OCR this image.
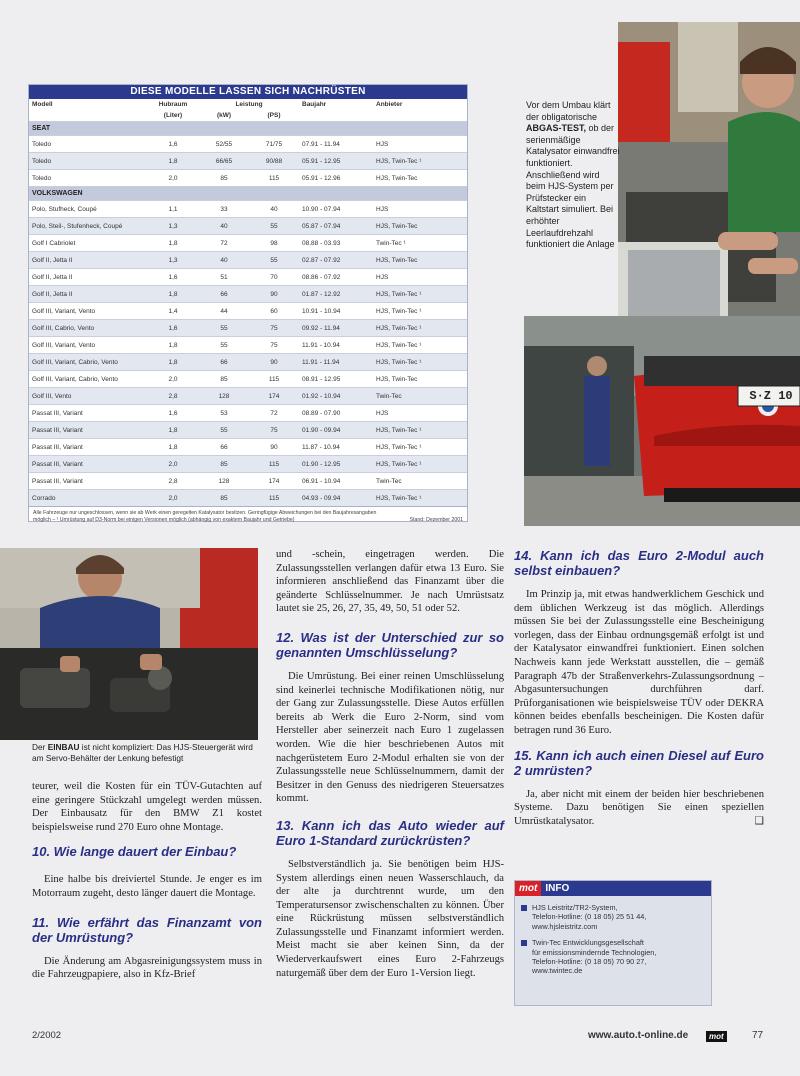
DIESE MODELLE LASSEN SICH NACHRÜSTEN
Modell	Hubraum	Leistung		Baujahr	Anbieter
	(Liter)	(kW)	(PS)		
SEAT					
Toledo	1,6	52/55	71/75	07.91 - 11.94	HJS
Toledo	1,8	66/65	90/88	05.91 - 12.95	HJS, Twin-Tec ¹
Toledo	2,0	85	115	05.91 - 12.96	HJS, Twin-Tec
VOLKSWAGEN					
Polo, Stufheck, Coupé	1,1	33	40	10.90 - 07.94	HJS
Polo, Steil-, Stufenheck, Coupé	1,3	40	55	05.87 - 07.94	HJS, Twin-Tec
Golf I Cabriolet	1,8	72	98	08.88 - 03.93	Twin-Tec ¹
Golf II, Jetta II	1,3	40	55	02.87 - 07.92	HJS, Twin-Tec
Golf II, Jetta II	1,6	51	70	08.86 - 07.92	HJS
Golf II, Jetta II	1,8	66	90	01.87 - 12.92	HJS, Twin-Tec ¹
Golf III, Variant, Vento	1,4	44	60	10.91 - 10.94	HJS, Twin-Tec ¹
Golf III, Cabrio, Vento	1,6	55	75	09.92 - 11.94	HJS, Twin-Tec ¹
Golf III, Variant, Vento	1,8	55	75	11.91 - 10.94	HJS, Twin-Tec ¹
Golf III, Variant, Cabrio, Vento	1,8	66	90	11.91 - 11.94	HJS, Twin-Tec ¹
Golf III, Variant, Cabrio, Vento	2,0	85	115	08.91 - 12.95	HJS, Twin-Tec
Golf III, Vento	2,8	128	174	01.92 - 10.94	Twin-Tec
Passat III, Variant	1,6	53	72	08.89 - 07.90	HJS
Passat III, Variant	1,8	55	75	01.90 - 09.94	HJS, Twin-Tec ¹
Passat III, Variant	1,8	66	90	11.87 - 10.94	HJS, Twin-Tec ¹
Passat III, Variant	2,0	85	115	01.90 - 12.95	HJS, Twin-Tec ¹
Passat III, Variant	2,8	128	174	06.91 - 10.94	Twin-Tec
Corrado	2,0	85	115	04.93 - 09.94	HJS, Twin-Tec ¹
Alle Fahrzeuge nur ungeschlossen, wenn sie ab Werk einen geregelten Katalysator besitzen. Geringfügige Abweichungen bei den Baujahresangaben
möglich – ¹ Umrüstung auf D3-Norm bei einigen Versionen möglich (abhängig von exaktem Baujahr und Getriebe)	Stand: Dezember 2001
Vor dem Umbau klärt der obligatorische ABGAS-TEST, ob der serienmäßige Katalysator einwandfrei funktioniert. Anschließend wird beim HJS-System per Prüfstecker ein Kaltstart simuliert. Bei erhöhter Leerlaufdrehzahl funktioniert die Anlage
S·Z 10
Der EINBAU ist nicht kompliziert: Das HJS-Steuergerät wird am Servo-Behälter der Lenkung befestigt

teurer, weil die Kosten für ein TÜV-Gutachten auf eine geringere Stückzahl umgelegt werden müssen. Der Einbausatz für den BMW Z1 kostet beispielsweise rund 270 Euro ohne Montage.

10. Wie lange dauert der Einbau?

Eine halbe bis dreiviertel Stunde. Je enger es im Motorraum zugeht, desto länger dauert die Montage.

11. Wie erfährt das Finanzamt von der Umrüstung?

Die Änderung am Abgasreinigungssystem muss in die Fahrzeugpapiere, also in Kfz-Brief

und -schein, eingetragen werden. Die Zulassungsstellen verlangen dafür etwa 13 Euro. Sie informieren anschließend das Finanzamt über die geänderte Schlüsselnummer. Je nach Umrüstsatz lautet sie 25, 26, 27, 35, 49, 50, 51 oder 52.

12. Was ist der Unterschied zur so genannten Umschlüsselung?

Die Umrüstung. Bei einer reinen Umschlüsselung sind keinerlei technische Modifikationen nötig, nur der Gang zur Zulassungsstelle. Diese Autos erfüllen bereits ab Werk die Euro 2-Norm, sind vom Hersteller aber seinerzeit nach Euro 1 zugelassen worden. Wie die hier beschriebenen Autos mit nachgerüstetem Euro 2-Modul erhalten sie von der Zulassungsstelle neue Schlüsselnummern, damit der Besitzer in den Genuss des niedrigeren Steuersatzes kommt.

13. Kann ich das Auto wieder auf Euro 1-Standard zurückrüsten?

Selbstverständlich ja. Sie benötigen beim HJS-System allerdings einen neuen Wasserschlauch, da der alte ja durchtrennt wurde, um den Temperatursensor zwischenschalten zu können. Über eine Rückrüstung müssen selbstverständlich Zulassungsstelle und Finanzamt informiert werden. Meist macht sie aber keinen Sinn, da der Wiederverkaufswert eines Euro 2-Fahrzeugs naturgemäß über dem der Euro 1-Version liegt.

14. Kann ich das Euro 2-Modul auch selbst einbauen?

Im Prinzip ja, mit etwas handwerklichem Geschick und dem üblichen Werkzeug ist das möglich. Allerdings müssen Sie bei der Zulassungsstelle eine Bescheinigung vorlegen, dass der Einbau ordnungsgemäß erfolgt ist und der Katalysator einwandfrei funktioniert. Einen solchen Nachweis kann jede Werkstatt ausstellen, die – gemäß Paragraph 47b der Straßenverkehrs-Zulassungsordnung – Abgasuntersuchungen durchführen darf. Prüforganisationen wie beispielsweise TÜV oder DEKRA können beides ebenfalls bescheinigen. Die Kosten dafür betragen rund 36 Euro.

15. Kann ich auch einen Diesel auf Euro 2 umrüsten?

Ja, aber nicht mit einem der beiden hier beschriebenen Systeme. Dazu benötigen Sie einen speziellen Umrüstkatalysator.	❑

mot INFO
HJS Leistritz/TR2-System,
Telefon-Hotline: (0 18 05) 25 51 44,
www.hjsleistritz.com
Twin-Tec Entwicklungsgesellschaft
für emissionsmindernde Technologien,
Telefon-Hotline: (0 18 05) 70 90 27,
www.twintec.de
2/2002	www.auto.t-online.de	mot	77
